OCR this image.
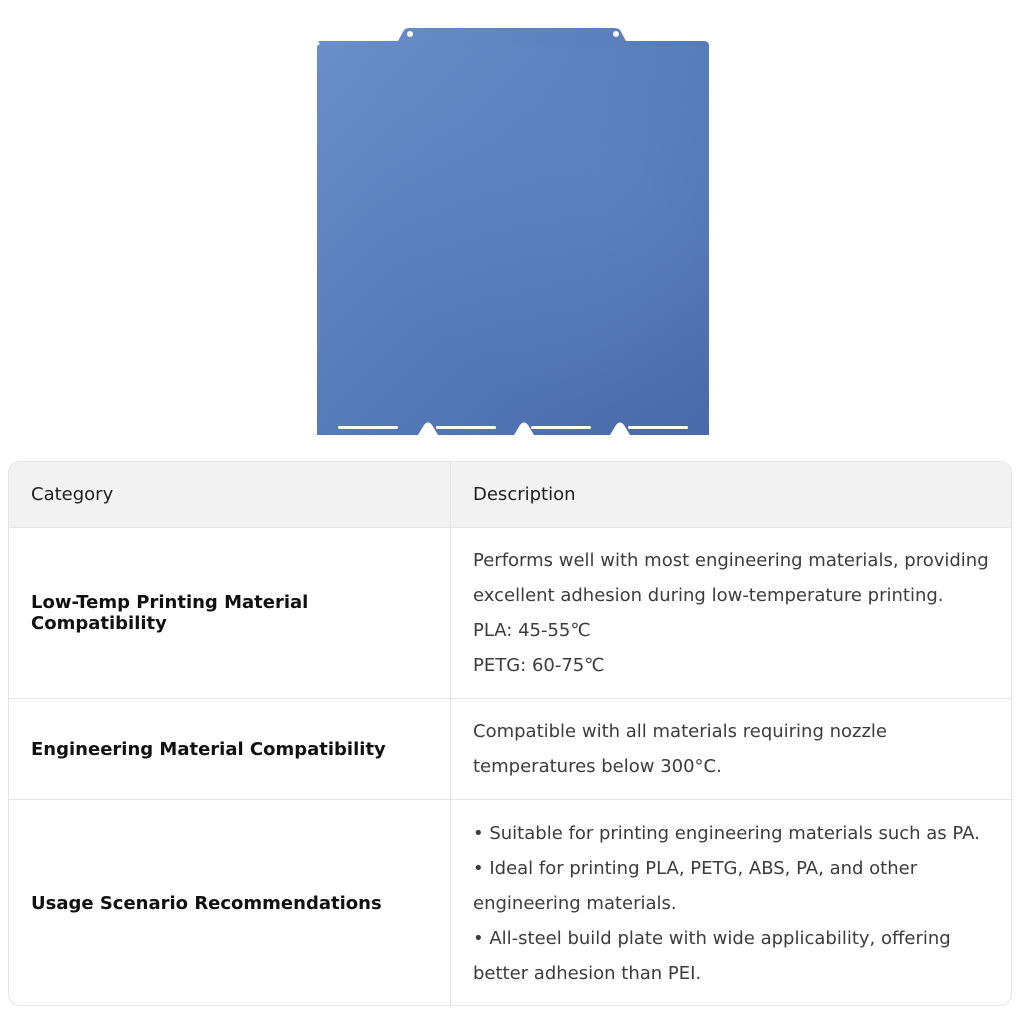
Category	Description
Low-Temp Printing Material Compatibility
Performs well with most engineering materials, providing
excellent adhesion during low-temperature printing.
PLA: 45-55℃
PETG: 60-75℃
Engineering Material Compatibility
Compatible with all materials requiring nozzle
temperatures below 300°C.
Usage Scenario Recommendations
• Suitable for printing engineering materials such as PA.
• Ideal for printing PLA, PETG, ABS, PA, and other
engineering materials.
• All-steel build plate with wide applicability, offering
better adhesion than PEI.
